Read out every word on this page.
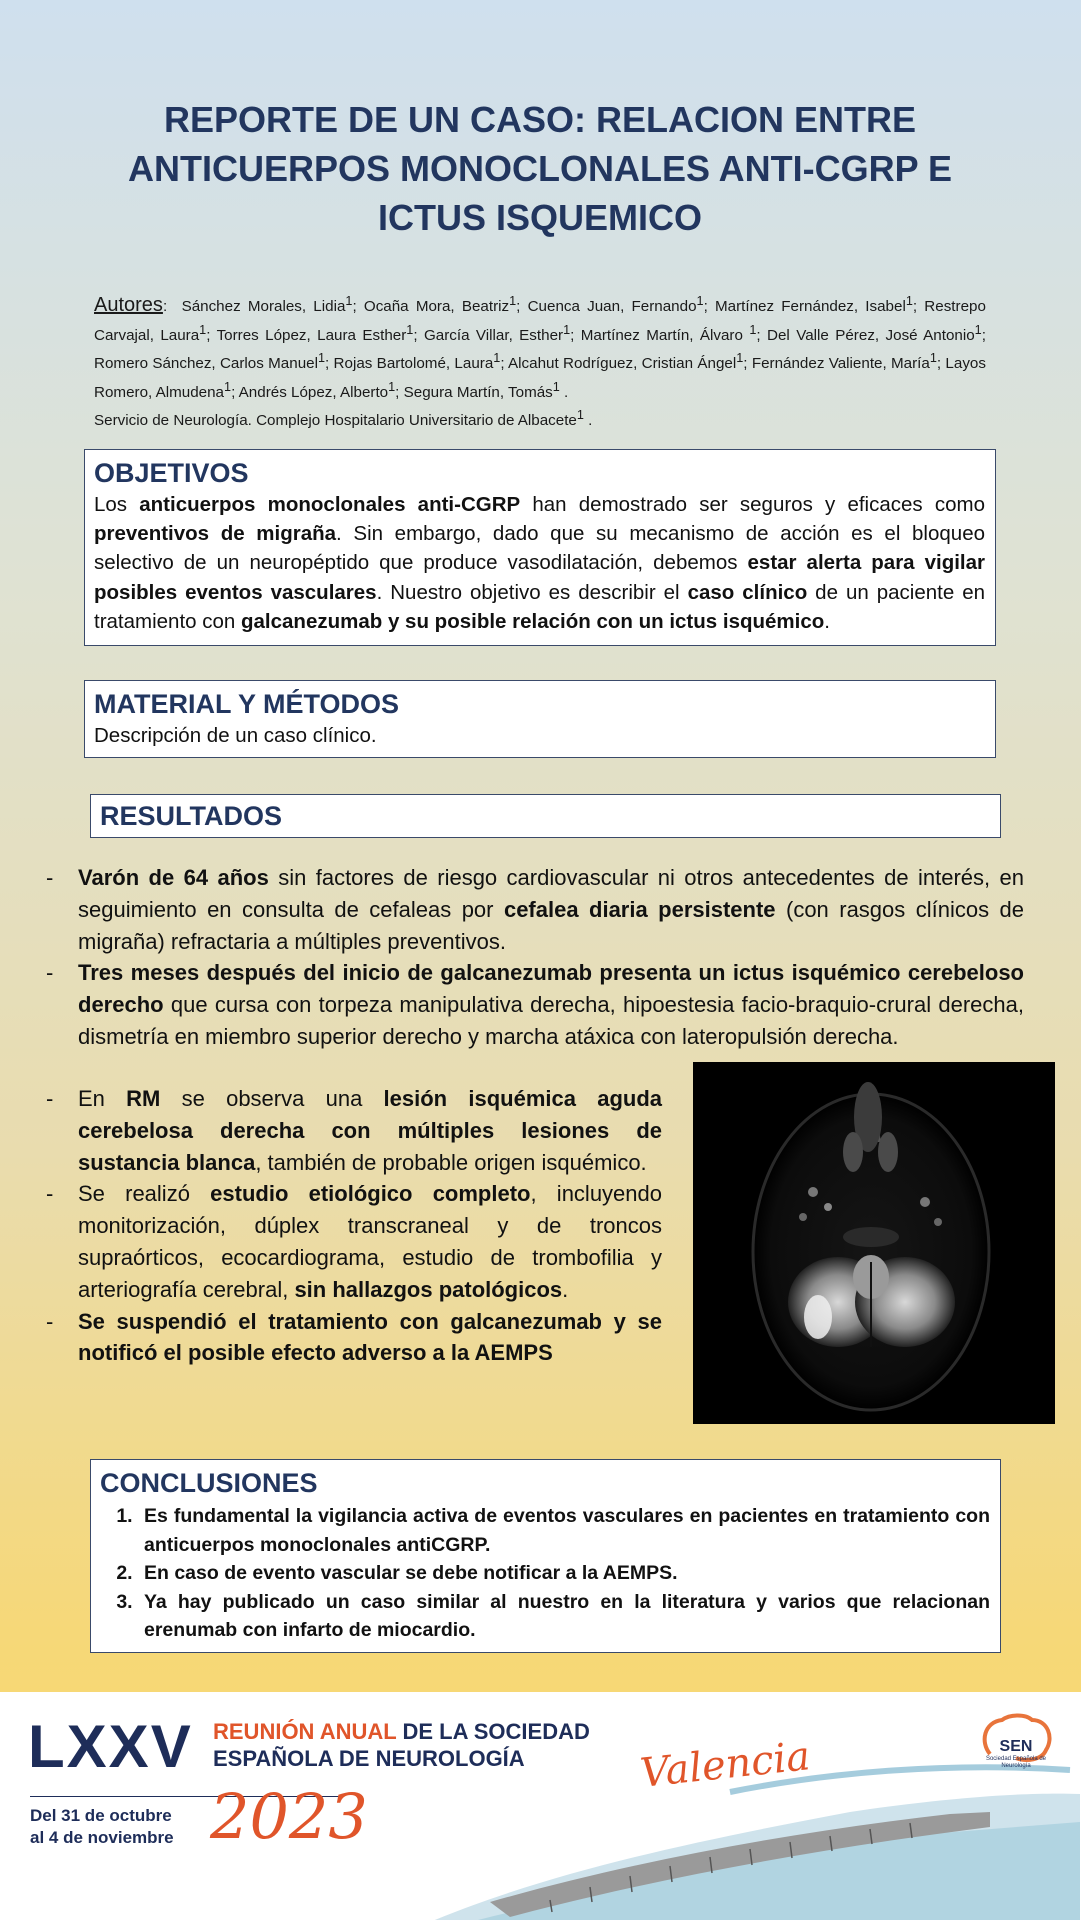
REPORTE DE UN CASO: RELACION ENTRE
ANTICUERPOS MONOCLONALES ANTI-CGRP E
ICTUS ISQUEMICO
Autores:  Sánchez Morales, Lidia$^1$; Ocaña Mora, Beatriz$^1$; Cuenca Juan, Fernando$^1$; Martínez Fernández, Isabel$^1$; Restrepo Carvajal, Laura$^1$; Torres López, Laura Esther$^1$; García Villar, Esther$^1$; Martínez Martín, Álvaro $^1$; Del Valle Pérez, José Antonio$^1$; Romero Sánchez, Carlos Manuel$^1$; Rojas Bartolomé, Laura$^1$; Alcahut Rodríguez, Cristian Ángel$^1$; Fernández Valiente, María$^1$; Layos Romero, Almudena$^1$; Andrés López, Alberto$^1$; Segura Martín, Tomás$^1$ .
Servicio de Neurología. Complejo Hospitalario Universitario de Albacete$^1$ .
OBJETIVOS

Los anticuerpos monoclonales anti-CGRP han demostrado ser seguros y eficaces como preventivos de migraña. Sin embargo, dado que su mecanismo de acción es el bloqueo selectivo de un neuropéptido que produce vasodilatación, debemos estar alerta para vigilar posibles eventos vasculares. Nuestro objetivo es describir el caso clínico de un paciente en tratamiento con galcanezumab y su posible relación con un ictus isquémico.

MATERIAL Y MÉTODOS

Descripción de un caso clínico.

RESULTADOS
- Varón de 64 años sin factores de riesgo cardiovascular ni otros antecedentes de interés, en seguimiento en consulta de cefaleas por cefalea diaria persistente (con rasgos clínicos de migraña) refractaria a múltiples preventivos.
- Tres meses después del inicio de galcanezumab presenta un ictus isquémico cerebeloso derecho que cursa con torpeza manipulativa derecha, hipoestesia facio-braquio-crural derecha, dismetría en miembro superior derecho y marcha atáxica con lateropulsión derecha.
- En RM se observa una lesión isquémica aguda cerebelosa derecha con múltiples lesiones de sustancia blanca, también de probable origen isquémico.
- Se realizó estudio etiológico completo, incluyendo monitorización, dúplex transcraneal y de troncos supraórticos, ecocardiograma, estudio de trombofilia y arteriografía cerebral, sin hallazgos patológicos.
- Se suspendió el tratamiento con galcanezumab y se notificó el posible efecto adverso a la AEMPS
CONCLUSIONES
1. Es fundamental la vigilancia activa de eventos vasculares en pacientes en tratamiento con anticuerpos monoclonales antiCGRP.
2. En caso de evento vascular se debe notificar a la AEMPS.
3. Ya hay publicado un caso similar al nuestro en la literatura y varios que relacionan erenumab con infarto de miocardio.
LXXV REUNIÓN ANUAL DE LA SOCIEDAD
ESPAÑOLA DE NEUROLOGÍA
Del 31 de octubre
al 4 de noviembre 2023
Valencia	SEN
Sociedad Española de Neurología
